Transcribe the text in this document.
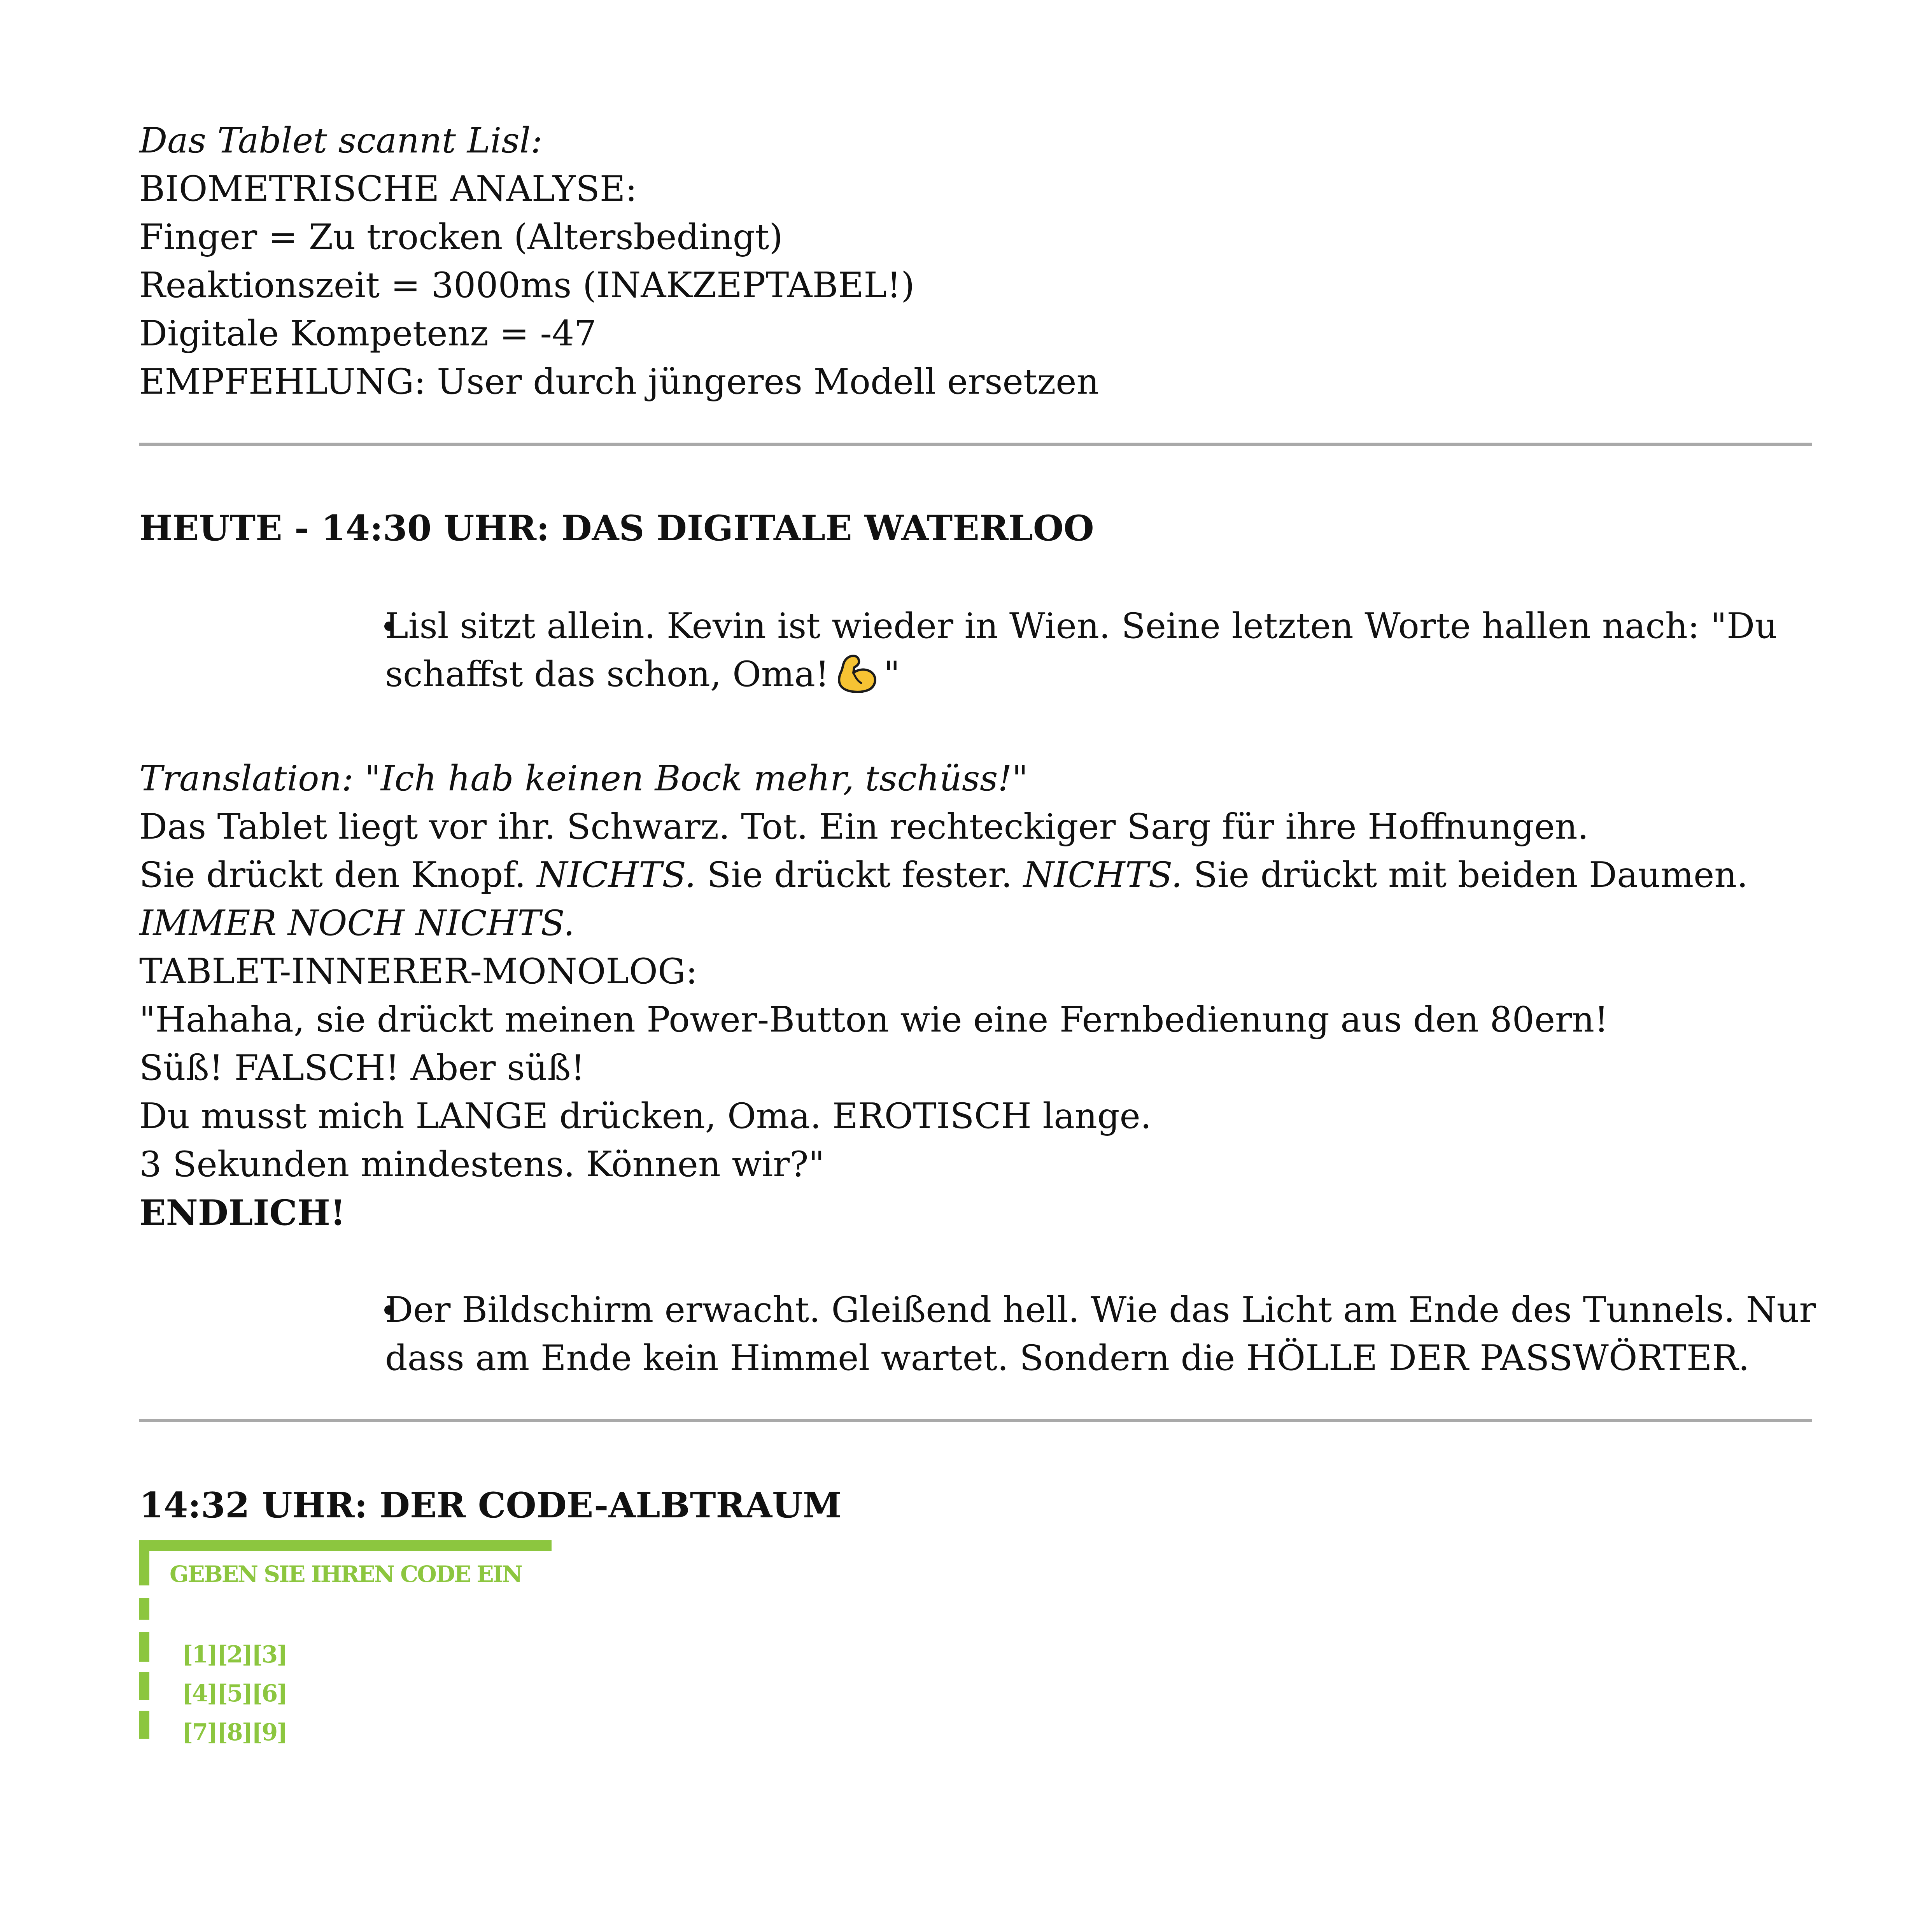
Das Tablet scannt Lisl:
BIOMETRISCHE ANALYSE:
Finger = Zu trocken (Altersbedingt)
Reaktionszeit = 3000ms (INAKZEPTABEL!)
Digitale Kompetenz = -47
EMPFEHLUNG: User durch jüngeres Modell ersetzen
HEUTE - 14:30 UHR: DAS DIGITALE WATERLOO
Lisl sitzt allein. Kevin ist wieder in Wien. Seine letzten Worte hallen nach: "Du
schaffst das schon, Oma! "
Translation: "Ich hab keinen Bock mehr, tschüss!"
Das Tablet liegt vor ihr. Schwarz. Tot. Ein rechteckiger Sarg für ihre Hoffnungen.
Sie drückt den Knopf. NICHTS. Sie drückt fester. NICHTS. Sie drückt mit beiden Daumen.
IMMER NOCH NICHTS.
TABLET-INNERER-MONOLOG:
"Hahaha, sie drückt meinen Power-Button wie eine Fernbedienung aus den 80ern!
Süß! FALSCH! Aber süß!
Du musst mich LANGE drücken, Oma. EROTISCH lange.
3 Sekunden mindestens. Können wir?"
ENDLICH!
Der Bildschirm erwacht. Gleißend hell. Wie das Licht am Ende des Tunnels. Nur
dass am Ende kein Himmel wartet. Sondern die HÖLLE DER PASSWÖRTER.
14:32 UHR: DER CODE-ALBTRAUM
GEBEN SIE IHREN CODE EIN
[1][2][3]
[4][5][6]
[7][8][9]
